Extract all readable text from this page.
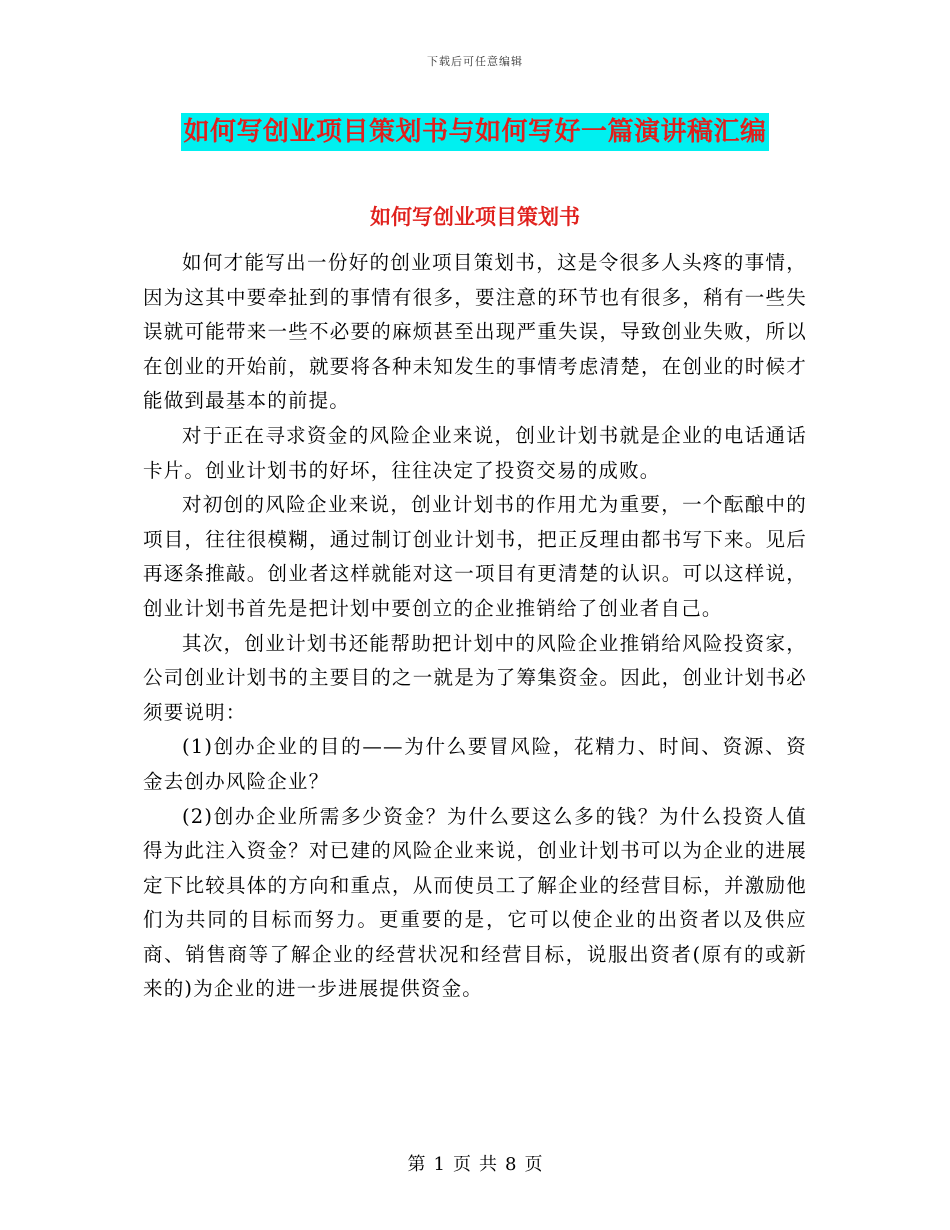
下载后可任意编辑
如何写创业项目策划书与如何写好一篇演讲稿汇编
如何写创业项目策划书

如何才能写出一份好的创业项目策划书，这是令很多人头疼的事情，因为这其中要牵扯到的事情有很多，要注意的环节也有很多，稍有一些失误就可能带来一些不必要的麻烦甚至出现严重失误，导致创业失败，所以在创业的开始前，就要将各种未知发生的事情考虑清楚，在创业的时候才能做到最基本的前提。

对于正在寻求资金的风险企业来说，创业计划书就是企业的电话通话卡片。创业计划书的好坏，往往决定了投资交易的成败。

对初创的风险企业来说，创业计划书的作用尤为重要，一个酝酿中的项目，往往很模糊，通过制订创业计划书，把正反理由都书写下来。见后再逐条推敲。创业者这样就能对这一项目有更清楚的认识。可以这样说，创业计划书首先是把计划中要创立的企业推销给了创业者自己。

其次，创业计划书还能帮助把计划中的风险企业推销给风险投资家，公司创业计划书的主要目的之一就是为了筹集资金。因此，创业计划书必须要说明：

(1)创办企业的目的——为什么要冒风险，花精力、时间、资源、资金去创办风险企业？

(2)创办企业所需多少资金？为什么要这么多的钱？为什么投资人值得为此注入资金？对已建的风险企业来说，创业计划书可以为企业的进展定下比较具体的方向和重点，从而使员工了解企业的经营目标，并激励他们为共同的目标而努力。更重要的是，它可以使企业的出资者以及供应商、销售商等了解企业的经营状况和经营目标，说服出资者(原有的或新来的)为企业的进一步进展提供资金。

第 1 页 共 8 页
